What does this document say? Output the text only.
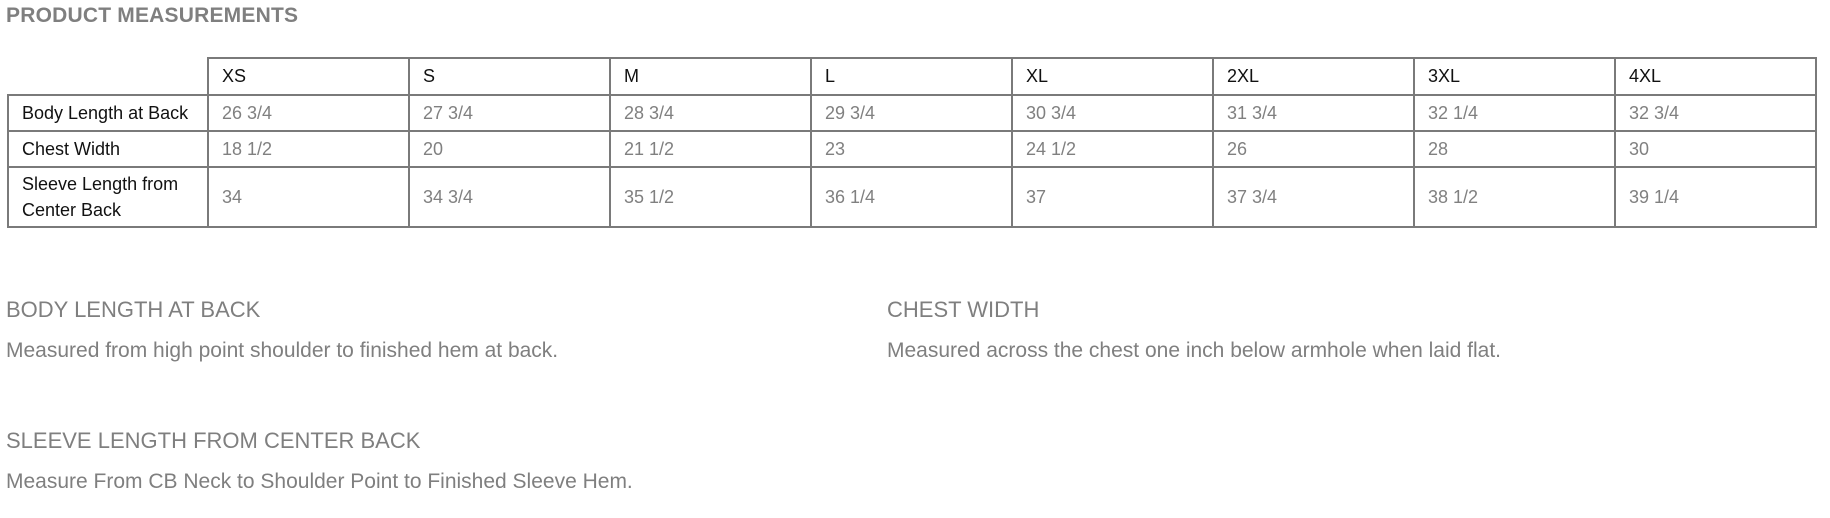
PRODUCT MEASUREMENTS
	XS	S	M	L	XL	2XL	3XL	4XL
Body Length at Back	26 3/4	27 3/4	28 3/4	29 3/4	30 3/4	31 3/4	32 1/4	32 3/4
Chest Width	18 1/2	20	21 1/2	23	24 1/2	26	28	30
Sleeve Length from Center Back	34	34 3/4	35 1/2	36 1/4	37	37 3/4	38 1/2	39 1/4
BODY LENGTH AT BACK

Measured from high point shoulder to finished hem at back.

CHEST WIDTH

Measured across the chest one inch below armhole when laid flat.

SLEEVE LENGTH FROM CENTER BACK

Measure From CB Neck to Shoulder Point to Finished Sleeve Hem.
